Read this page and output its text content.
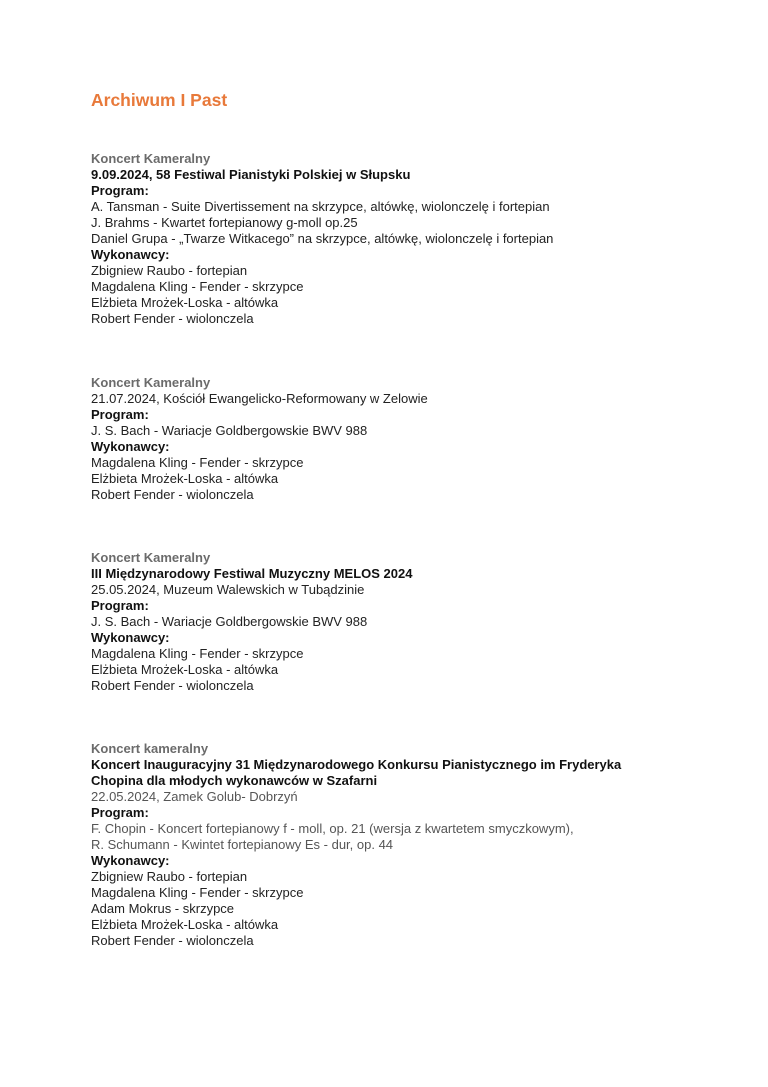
Archiwum I Past
Koncert Kameralny
9.09.2024, 58 Festiwal Pianistyki Polskiej w Słupsku
Program:
A. Tansman - Suite Divertissement na skrzypce, altówkę, wiolonczelę i fortepian
J. Brahms - Kwartet fortepianowy g-moll op.25
Daniel Grupa - „Twarze Witkacego” na skrzypce, altówkę, wiolonczelę i fortepian
Wykonawcy:
Zbigniew Raubo - fortepian
Magdalena Kling - Fender - skrzypce
Elżbieta Mrożek-Loska - altówka
Robert Fender - wiolonczela
Koncert Kameralny
21.07.2024, Kościół Ewangelicko-Reformowany w Zelowie
Program:
J. S. Bach - Wariacje Goldbergowskie BWV 988
Wykonawcy:
Magdalena Kling - Fender - skrzypce
Elżbieta Mrożek-Loska - altówka
Robert Fender - wiolonczela
Koncert Kameralny
III Międzynarodowy Festiwal Muzyczny MELOS 2024
25.05.2024, Muzeum Walewskich w Tubądzinie
Program:
J. S. Bach - Wariacje Goldbergowskie BWV 988
Wykonawcy:
Magdalena Kling - Fender - skrzypce
Elżbieta Mrożek-Loska - altówka
Robert Fender - wiolonczela
Koncert kameralny
Koncert Inauguracyjny 31 Międzynarodowego Konkursu Pianistycznego im Fryderyka
Chopina dla młodych wykonawców w Szafarni
22.05.2024, Zamek Golub- Dobrzyń
Program:
F. Chopin - Koncert fortepianowy f - moll, op. 21 (wersja z kwartetem smyczkowym),
R. Schumann - Kwintet fortepianowy Es - dur, op. 44
Wykonawcy:
Zbigniew Raubo - fortepian
Magdalena Kling - Fender - skrzypce
Adam Mokrus - skrzypce
Elżbieta Mrożek-Loska - altówka
Robert Fender - wiolonczela
